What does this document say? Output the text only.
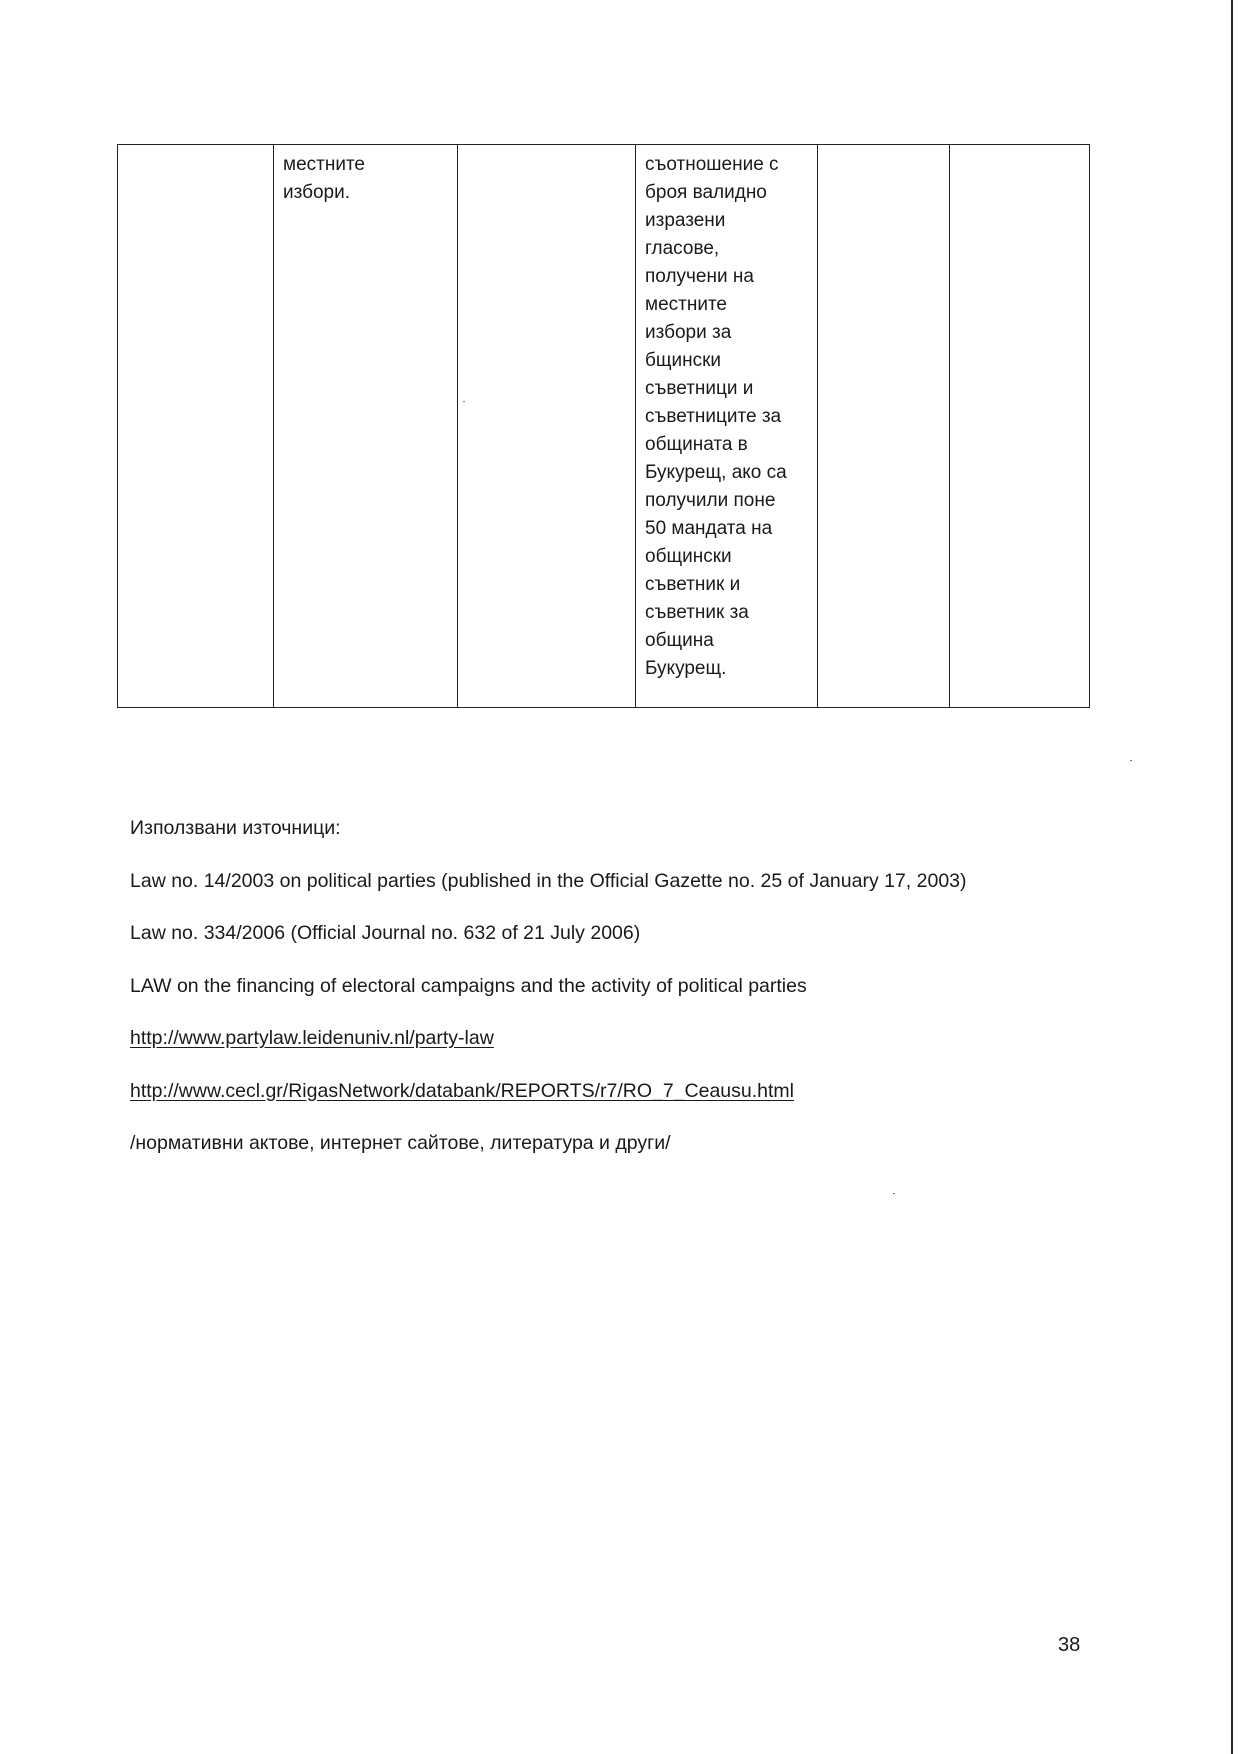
	местните
избори.		съотношение с
броя валидно
изразени
гласове,
получени на
местните
избори за
бщински
съветници и
съветниците за
общината в
Букурещ, ако са
получили поне
50 мандата на
общински
съветник и
съветник за
община
Букурещ.		

Използвани източници:

Law no. 14/2003 on political parties (published in the Official Gazette no. 25 of January 17, 2003)

Law no. 334/2006 (Official Journal no. 632 of 21 July 2006)

LAW on the financing of electoral campaigns and the activity of political parties

http://www.partylaw.leidenuniv.nl/party-law

http://www.cecl.gr/RigasNetwork/databank/REPORTS/r7/RO_7_Ceausu.html

/нормативни актове, интернет сайтове, литература и други/

38
